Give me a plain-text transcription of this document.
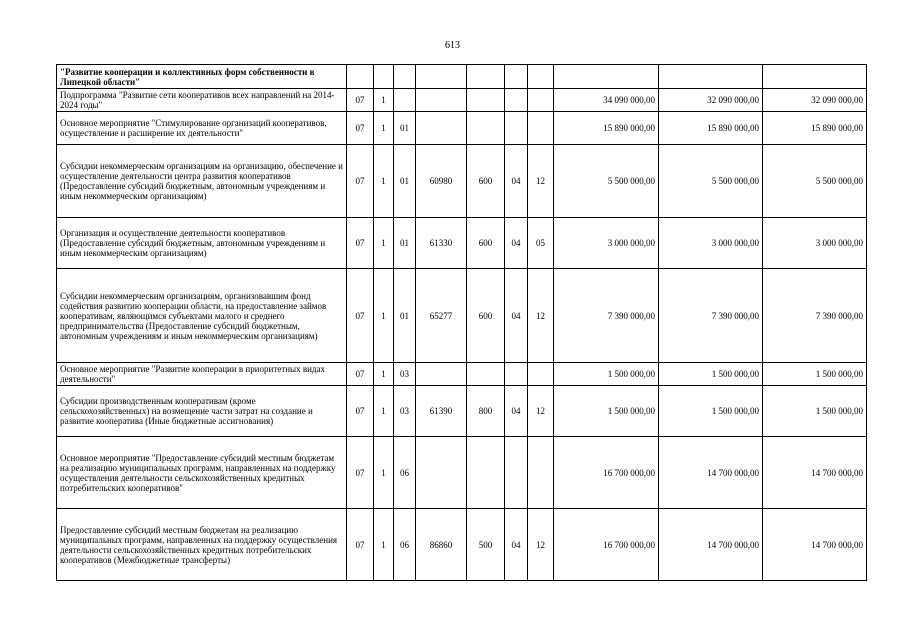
613
"Развитие кооперации и коллективных форм собственности в Липецкой области"										
Подпрограмма "Развитие сети кооперативов всех направлений на 2014-2024 годы"	07	1						34 090 000,00	32 090 000,00	32 090 000,00
Основное мероприятие "Стимулирование организаций кооперативов, осуществление и расширение их деятельности"	07	1	01					15 890 000,00	15 890 000,00	15 890 000,00
Субсидии некоммерческим организациям на организацию, обеспечение и осуществление деятельности центра развития кооперативов (Предоставление субсидий бюджетным, автономным учреждениям и иным некоммерческим организациям)	07	1	01	60980	600	04	12	5 500 000,00	5 500 000,00	5 500 000,00
Организация и осуществление деятельности кооперативов (Предоставление субсидий бюджетным, автономным учреждениям и иным некоммерческим организациям)	07	1	01	61330	600	04	05	3 000 000,00	3 000 000,00	3 000 000,00
Субсидии некоммерческим организациям, организовавшим фонд содействия развитию кооперации области, на предоставление займов кооперативам, являющимся субъектами малого и среднего предпринимательства (Предоставление субсидий бюджетным, автономным учреждениям и иным некоммерческим организациям)	07	1	01	65277	600	04	12	7 390 000,00	7 390 000,00	7 390 000,00
Основное мероприятие "Развитие кооперации в приоритетных видах деятельности"	07	1	03					1 500 000,00	1 500 000,00	1 500 000,00
Субсидии производственным кооперативам (кроме сельскохозяйственных) на возмещение части затрат на создание и развитие кооператива (Иные бюджетные ассигнования)	07	1	03	61390	800	04	12	1 500 000,00	1 500 000,00	1 500 000,00
Основное мероприятие "Предоставление субсидий местным бюджетам на реализацию муниципальных программ, направленных на поддержку осуществления деятельности сельскохозяйственных кредитных потребительских кооперативов"	07	1	06					16 700 000,00	14 700 000,00	14 700 000,00
Предоставление субсидий местным бюджетам на реализацию муниципальных программ, направленных на поддержку осуществления деятельности сельскохозяйственных кредитных потребительских кооперативов (Межбюджетные трансферты)	07	1	06	86860	500	04	12	16 700 000,00	14 700 000,00	14 700 000,00
